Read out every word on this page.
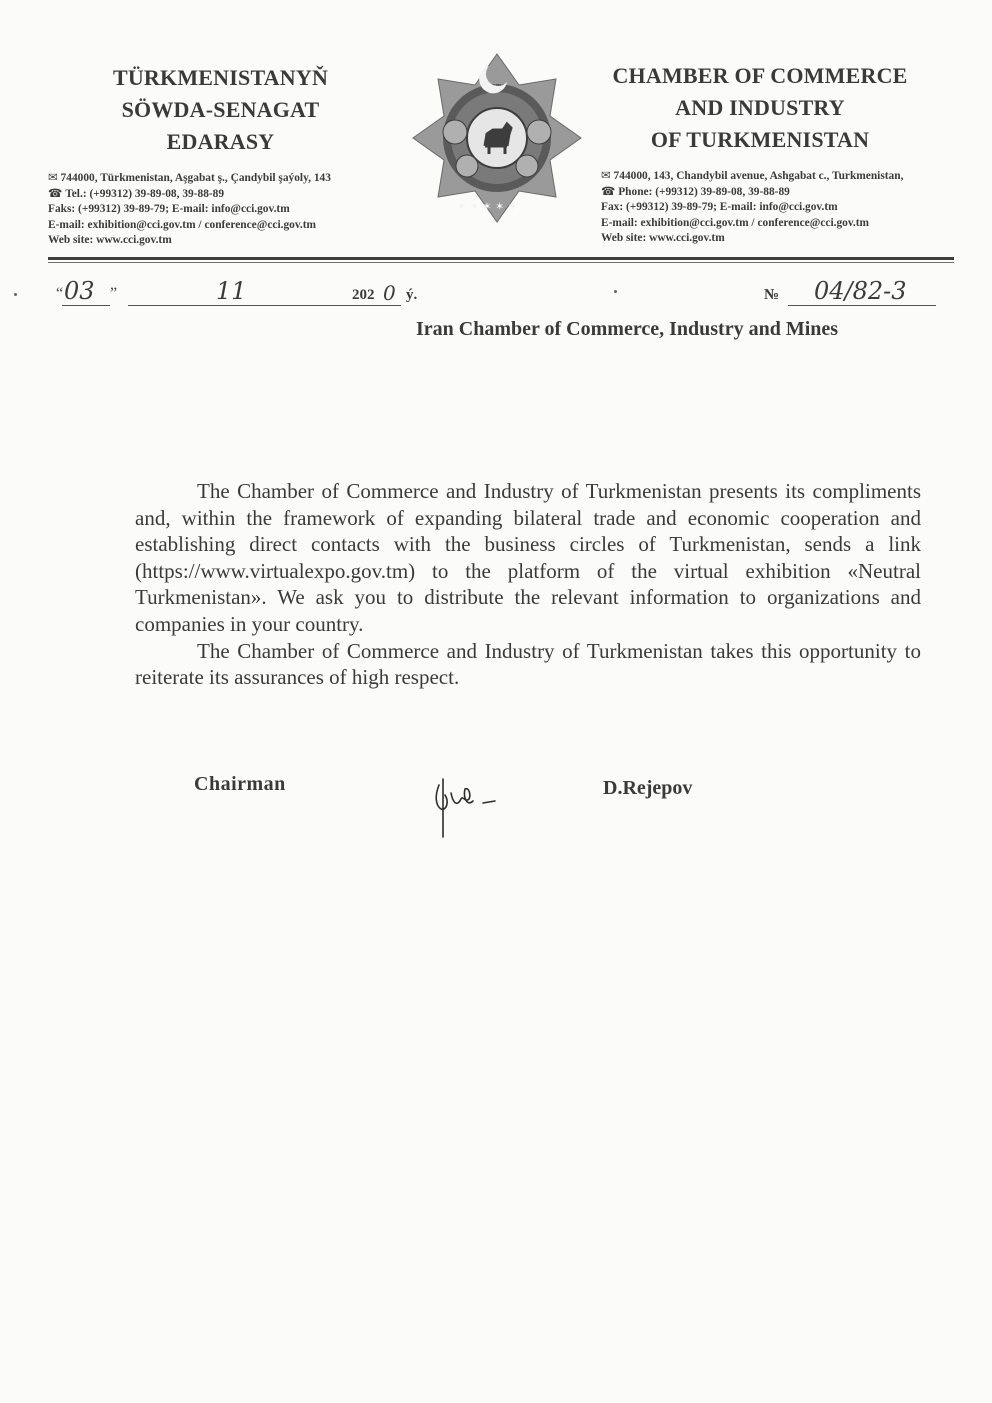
TÜRKMENISTANYŇ
SÖWDA-SENAGAT
EDARASY
✉ 744000, Türkmenistan, Aşgabat ş., Çandybil şaýoly, 143
☎ Tel.: (+99312) 39-89-08, 39-88-89
Faks: (+99312) 39-89-79; E-mail: info@cci.gov.tm
E-mail: exhibition@cci.gov.tm / conference@cci.gov.tm
Web site: www.cci.gov.tm
✶✶✶
✶ ✶ ✶ ✶ ✶
CHAMBER OF COMMERCE
AND INDUSTRY
OF TURKMENISTAN
✉ 744000, 143, Chandybil avenue, Ashgabat c., Turkmenistan,
☎ Phone: (+99312) 39-89-08, 39-88-89
Fax: (+99312) 39-89-79; E-mail: info@cci.gov.tm
E-mail: exhibition@cci.gov.tm / conference@cci.gov.tm
Web site: www.cci.gov.tm
“ 03 ”	11	202 0 ý.	№ 04/82-3
Iran Chamber of Commerce, Industry and Mines

The Chamber of Commerce and Industry of Turkmenistan presents its compliments and, within the framework of expanding bilateral trade and economic cooperation and establishing direct contacts with the business circles of Turkmenistan, sends a link (https://www.virtualexpo.gov.tm) to the platform of the virtual exhibition «Neutral Turkmenistan». We ask you to distribute the relevant information to organizations and companies in your country.

The Chamber of Commerce and Industry of Turkmenistan takes this opportunity to reiterate its assurances of high respect.

Chairman	D.Rejepov
